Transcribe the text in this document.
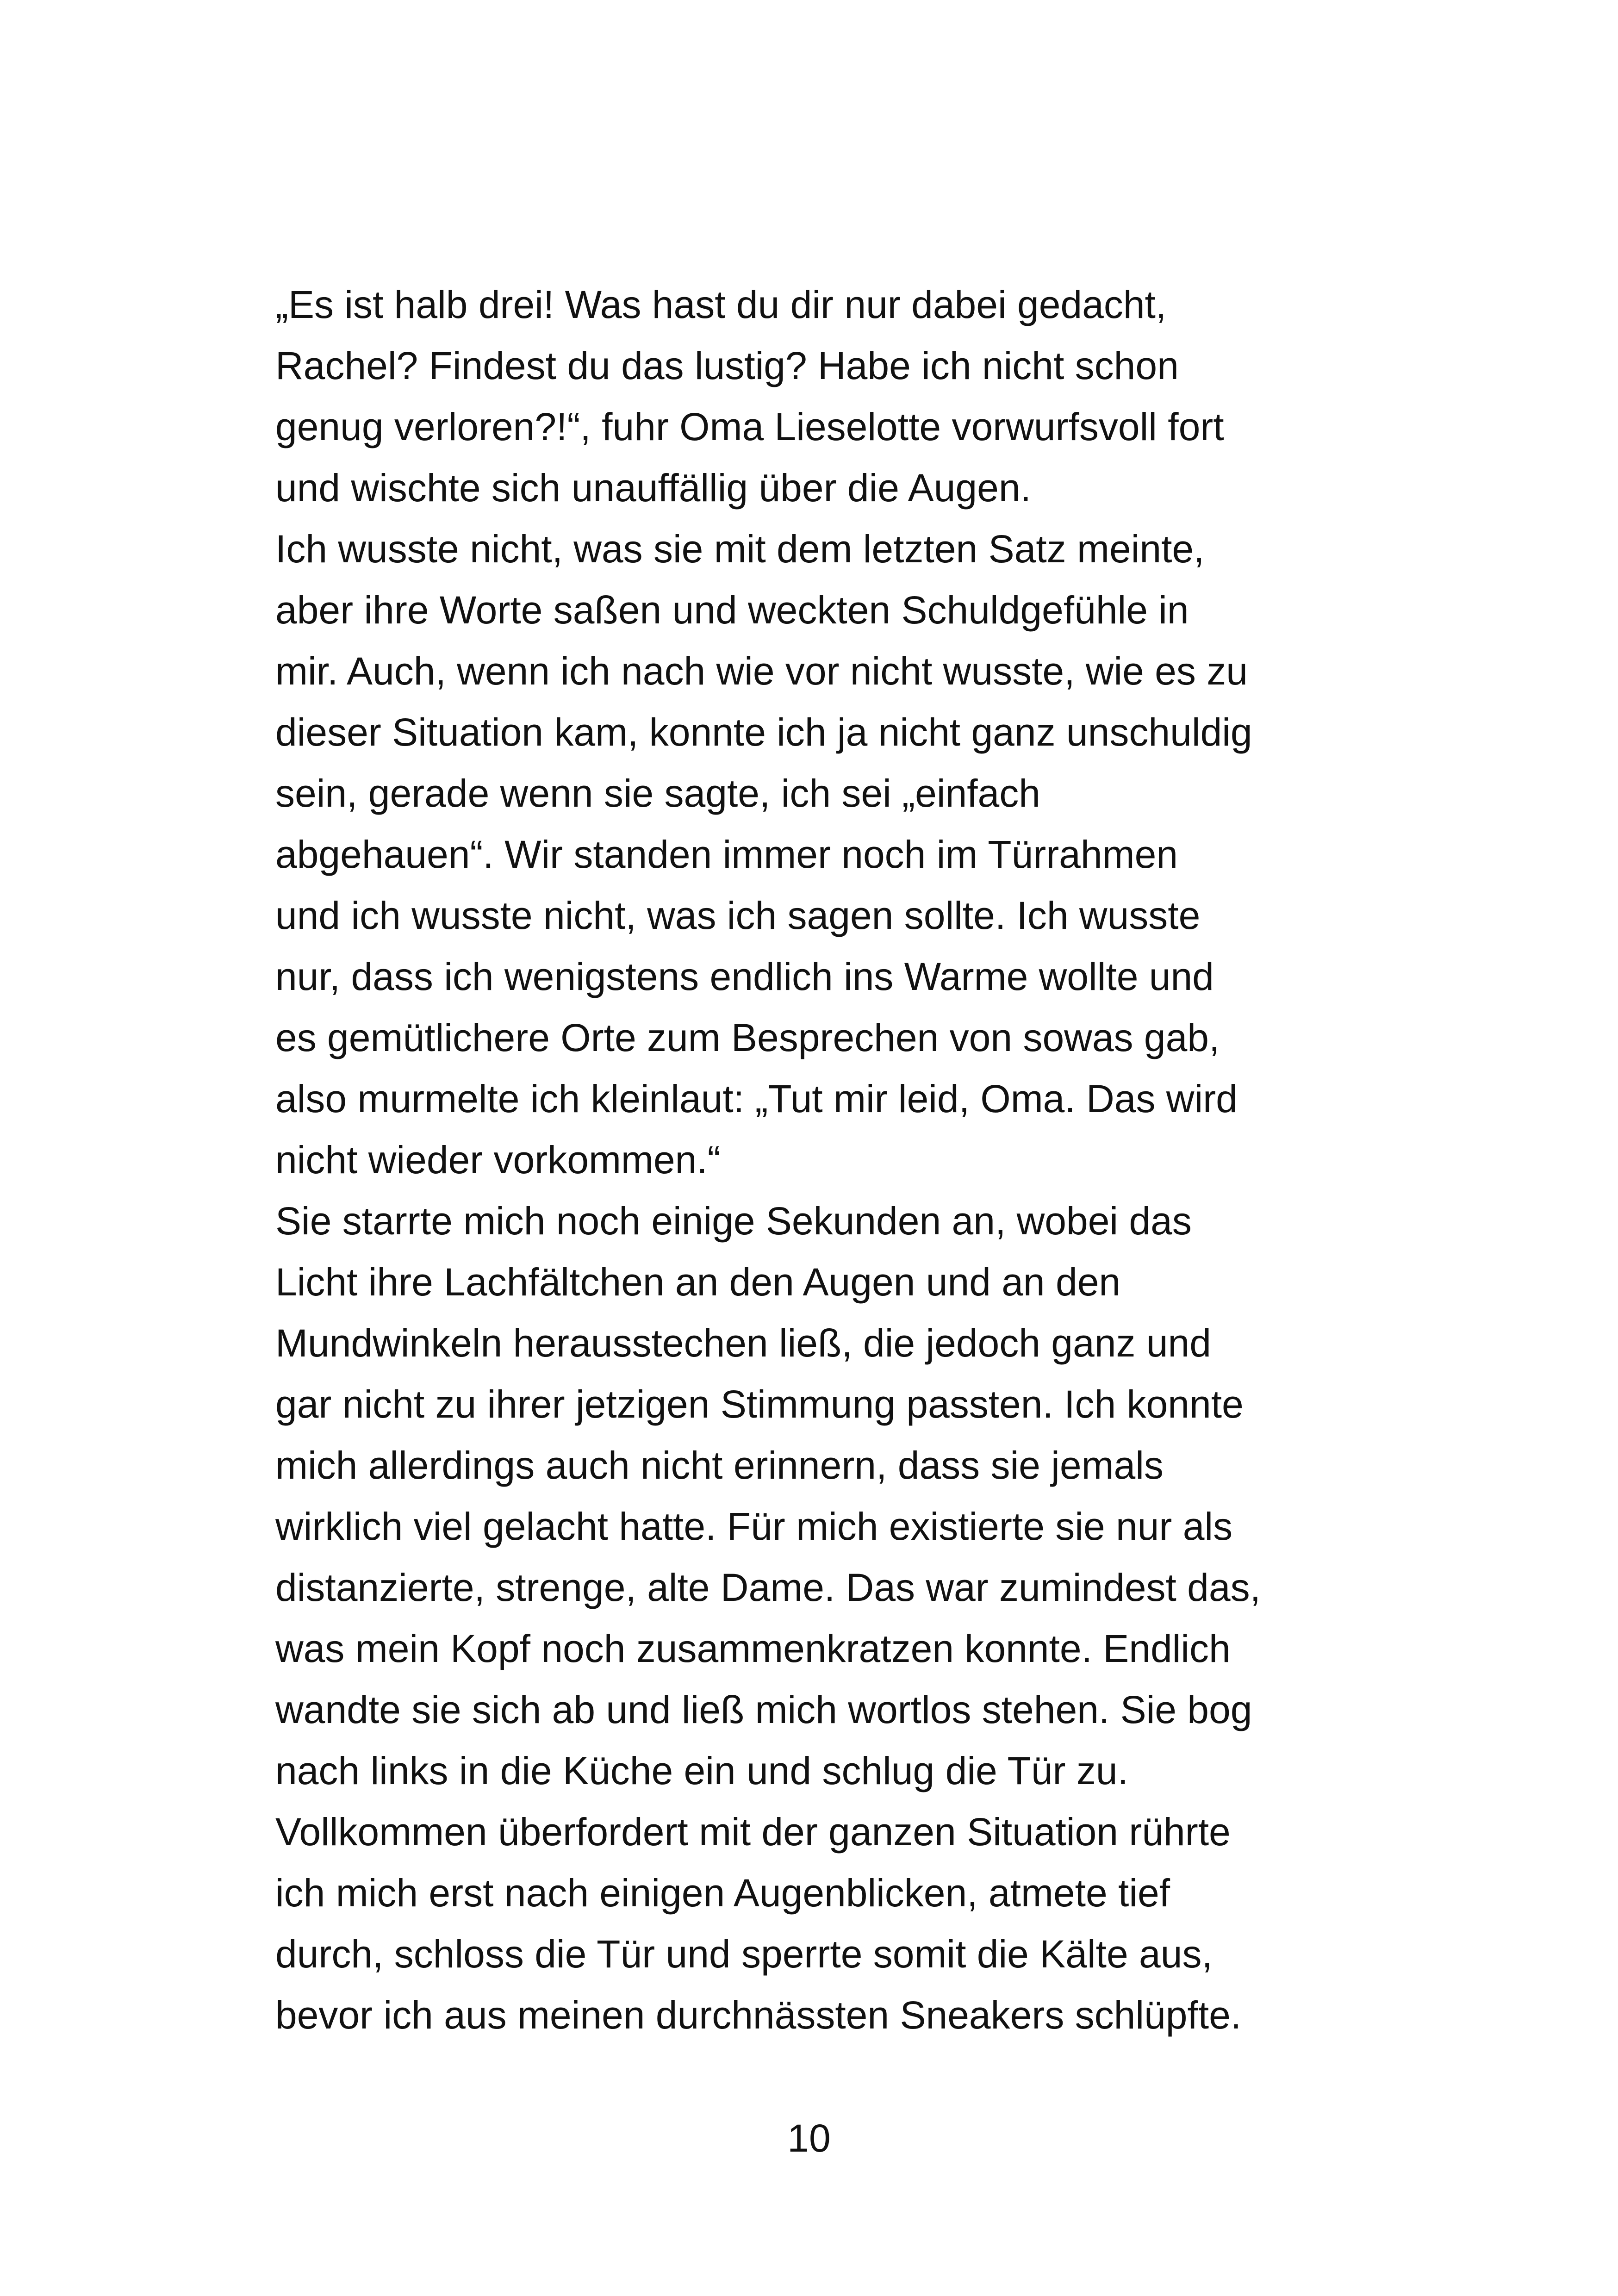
„Es ist halb drei! Was hast du dir nur dabei gedacht,
Rachel? Findest du das lustig? Habe ich nicht schon
genug verloren?!“, fuhr Oma Lieselotte vorwurfsvoll fort
und wischte sich unauffällig über die Augen.
Ich wusste nicht, was sie mit dem letzten Satz meinte,
aber ihre Worte saßen und weckten Schuldgefühle in
mir. Auch, wenn ich nach wie vor nicht wusste, wie es zu
dieser Situation kam, konnte ich ja nicht ganz unschuldig
sein, gerade wenn sie sagte, ich sei „einfach
abgehauen“. Wir standen immer noch im Türrahmen
und ich wusste nicht, was ich sagen sollte. Ich wusste
nur, dass ich wenigstens endlich ins Warme wollte und
es gemütlichere Orte zum Besprechen von sowas gab,
also murmelte ich kleinlaut: „Tut mir leid, Oma. Das wird
nicht wieder vorkommen.“
Sie starrte mich noch einige Sekunden an, wobei das
Licht ihre Lachfältchen an den Augen und an den
Mundwinkeln herausstechen ließ, die jedoch ganz und
gar nicht zu ihrer jetzigen Stimmung passten. Ich konnte
mich allerdings auch nicht erinnern, dass sie jemals
wirklich viel gelacht hatte. Für mich existierte sie nur als
distanzierte, strenge, alte Dame. Das war zumindest das,
was mein Kopf noch zusammenkratzen konnte. Endlich
wandte sie sich ab und ließ mich wortlos stehen. Sie bog
nach links in die Küche ein und schlug die Tür zu.
Vollkommen überfordert mit der ganzen Situation rührte
ich mich erst nach einigen Augenblicken, atmete tief
durch, schloss die Tür und sperrte somit die Kälte aus,
bevor ich aus meinen durchnässten Sneakers schlüpfte.
10
